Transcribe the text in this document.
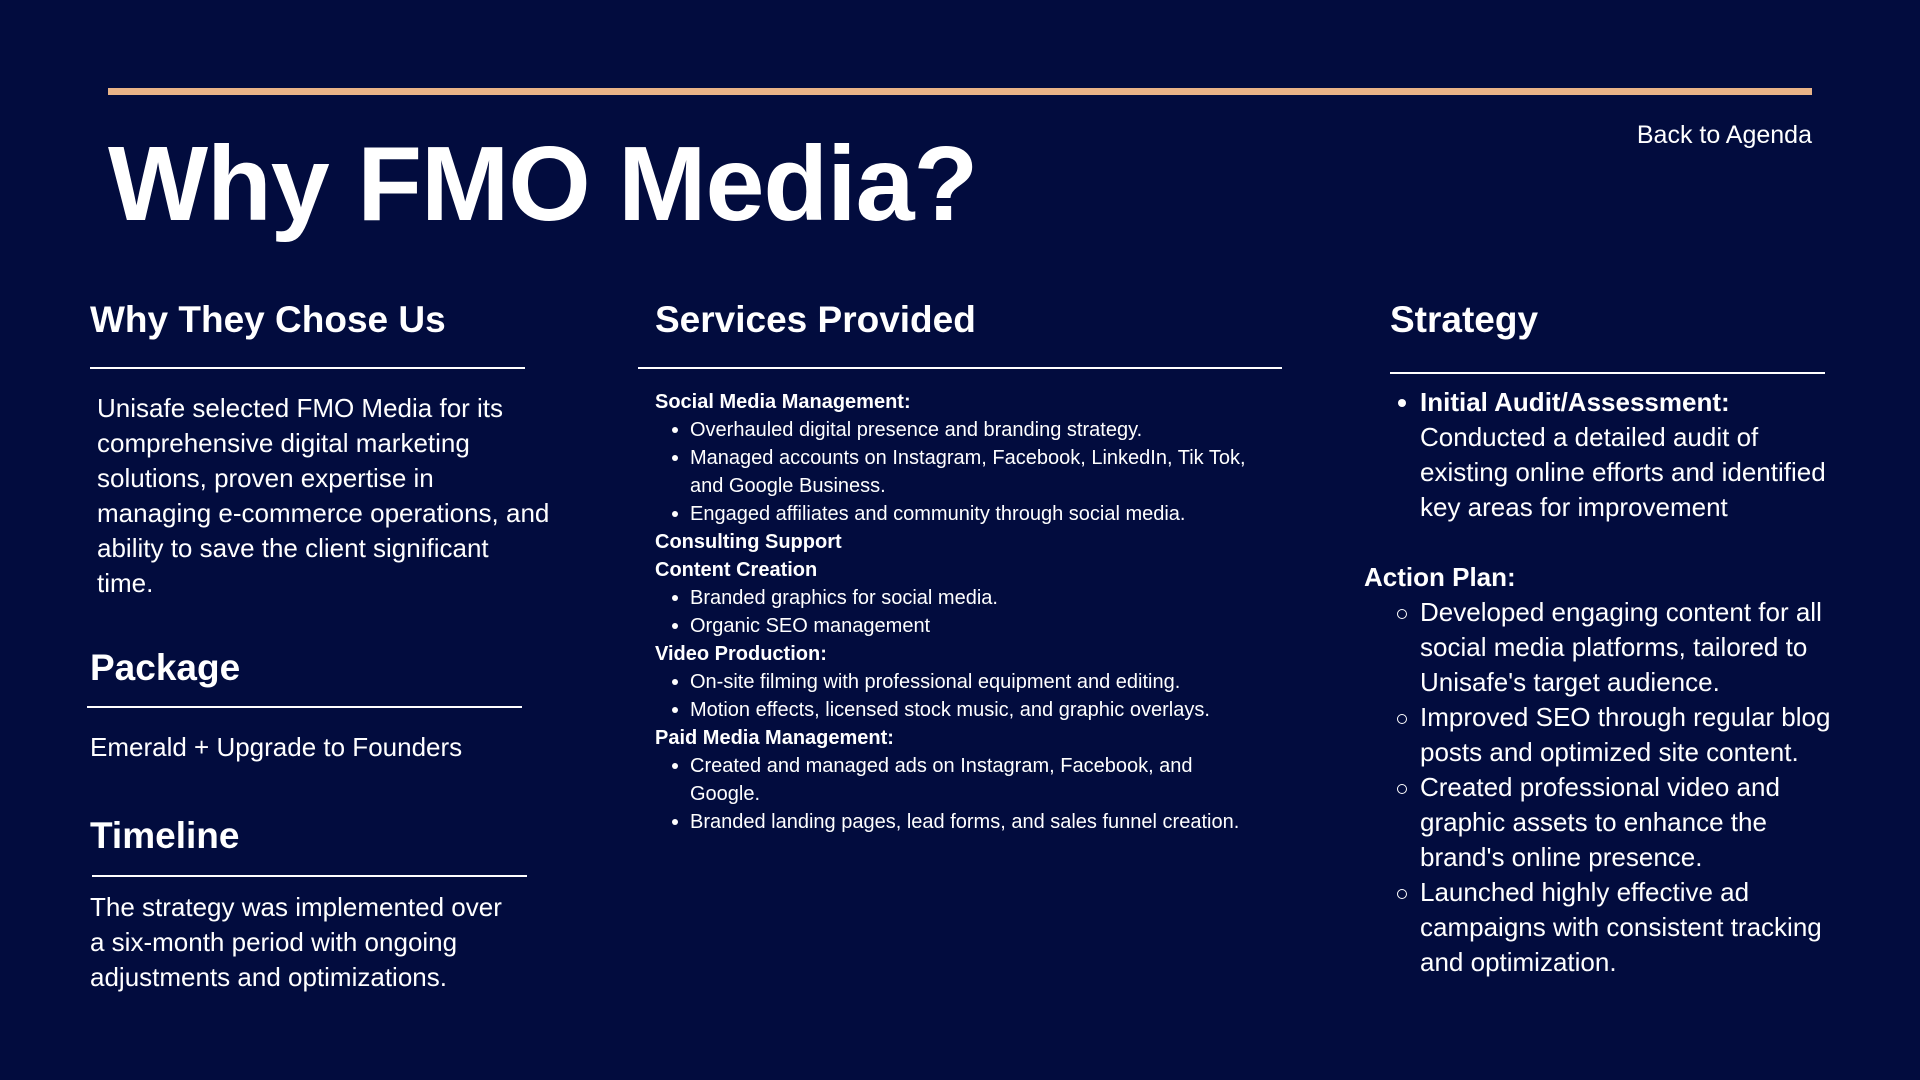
Back to Agenda
Why FMO Media?
Why They Chose Us

Unisafe selected FMO Media for its comprehensive digital marketing solutions, proven expertise in managing e-commerce operations, and ability to save the client significant time.

Package

Emerald + Upgrade to Founders

Timeline

The strategy was implemented over a six-month period with ongoing adjustments and optimizations.

Services Provided
Social Media Management:
Overhauled digital presence and branding strategy.
Managed accounts on Instagram, Facebook, LinkedIn, Tik Tok, and Google Business.
Engaged affiliates and community through social media.
Consulting Support
Content Creation
Branded graphics for social media.
Organic SEO management
Video Production:
On-site filming with professional equipment and editing.
Motion effects, licensed stock music, and graphic overlays.
Paid Media Management:
Created and managed ads on Instagram, Facebook, and Google.
Branded landing pages, lead forms, and sales funnel creation.
Strategy
Initial Audit/Assessment: Conducted a detailed audit of existing online efforts and identified key areas for improvement
Action Plan:
Developed engaging content for all social media platforms, tailored to Unisafe's target audience.
Improved SEO through regular blog posts and optimized site content.
Created professional video and graphic assets to enhance the brand's online presence.
Launched highly effective ad campaigns with consistent tracking and optimization.
